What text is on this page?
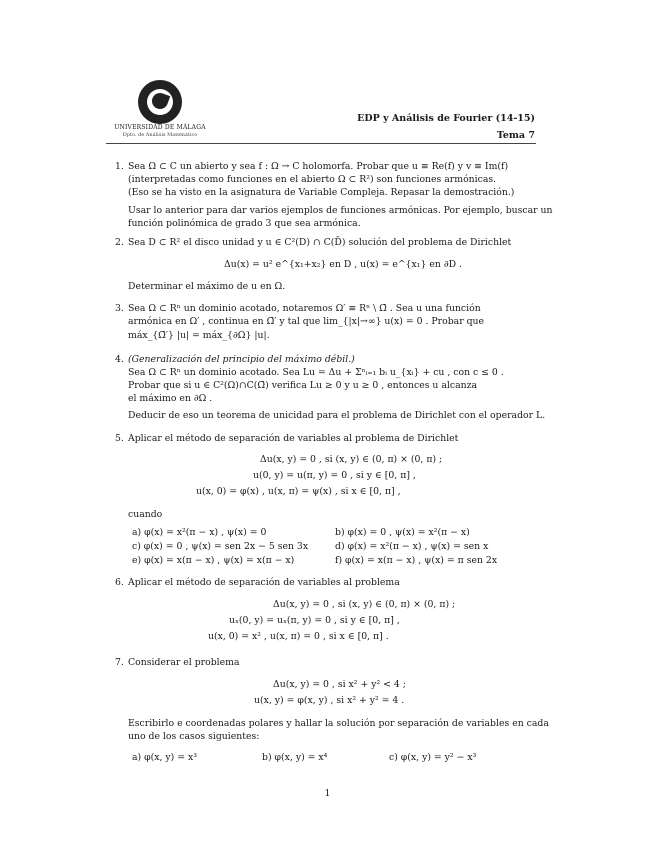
UNIVERSIDAD DE MÁLAGA
Dpto. de Análisis Matemático
EDP y Análisis de Fourier (14-15)
Tema 7
1. Sea Ω ⊂ C un abierto y sea f : Ω → C holomorfa. Probar que u ≡ Re(f) y v ≡ Im(f)
(interpretadas como funciones en el abierto Ω ⊂ R²) son funciones armónicas.
(Eso se ha visto en la asignatura de Variable Compleja. Repasar la demostración.)
Usar lo anterior para dar varios ejemplos de funciones armónicas. Por ejemplo, buscar un
función polinómica de grado 3 que sea armónica.
2. Sea D ⊂ R² el disco unidad y u ∈ C²(D) ∩ C(D̄) solución del problema de Dirichlet
Δu(x) = u² e^{x₁+x₂} en D , u(x) = e^{x₁} en ∂D .
Determinar el máximo de u en Ω.
3. Sea Ω ⊂ Rⁿ un dominio acotado, notaremos Ω′ ≡ Rⁿ \ Ω̄ . Sea u una función
armónica en Ω′ , continua en Ω̄′ y tal que lim_{|x|→∞} u(x) = 0 . Probar que
máx_{Ω̄′} |u| = máx_{∂Ω} |u|.
4. (Generalización del principio del máximo débil.)
Sea Ω ⊂ Rⁿ un dominio acotado. Sea Lu = Δu + Σⁿᵢ₌₁ bᵢ u_{xᵢ} + cu , con c ≤ 0 .
Probar que si u ∈ C²(Ω)∩C(Ω̄) verifica Lu ≥ 0 y u ≥ 0 , entonces u alcanza
el máximo en ∂Ω .
Deducir de eso un teorema de unicidad para el problema de Dirichlet con el operador L.
5. Aplicar el método de separación de variables al problema de Dirichlet
Δu(x, y) = 0 , si (x, y) ∈ (0, π) × (0, π) ;
u(0, y) = u(π, y) = 0 , si y ∈ [0, π] ,
u(x, 0) = φ(x) , u(x, π) = ψ(x) , si x ∈ [0, π] ,
cuando
a) φ(x) = x²(π − x) , ψ(x) = 0	b) φ(x) = 0 , ψ(x) = x²(π − x)
c) φ(x) = 0 , ψ(x) = sen 2x − 5 sen 3x	d) φ(x) = x²(π − x) , ψ(x) = sen x
e) φ(x) = x(π − x) , ψ(x) = x(π − x)	f) φ(x) = x(π − x) , ψ(x) = π sen 2x
6. Aplicar el método de separación de variables al problema
Δu(x, y) = 0 , si (x, y) ∈ (0, π) × (0, π) ;
uₓ(0, y) = uₓ(π, y) = 0 , si y ∈ [0, π] ,
u(x, 0) = x² , u(x, π) = 0 , si x ∈ [0, π] .
7. Considerar el problema
Δu(x, y) = 0 , si x² + y² < 4 ;
u(x, y) = φ(x, y) , si x² + y² = 4 .
Escribirlo e coordenadas polares y hallar la solución por separación de variables en cada
uno de los casos siguientes:
a) φ(x, y) = x³	b) φ(x, y) = x⁴	c) φ(x, y) = y² − x³
1
